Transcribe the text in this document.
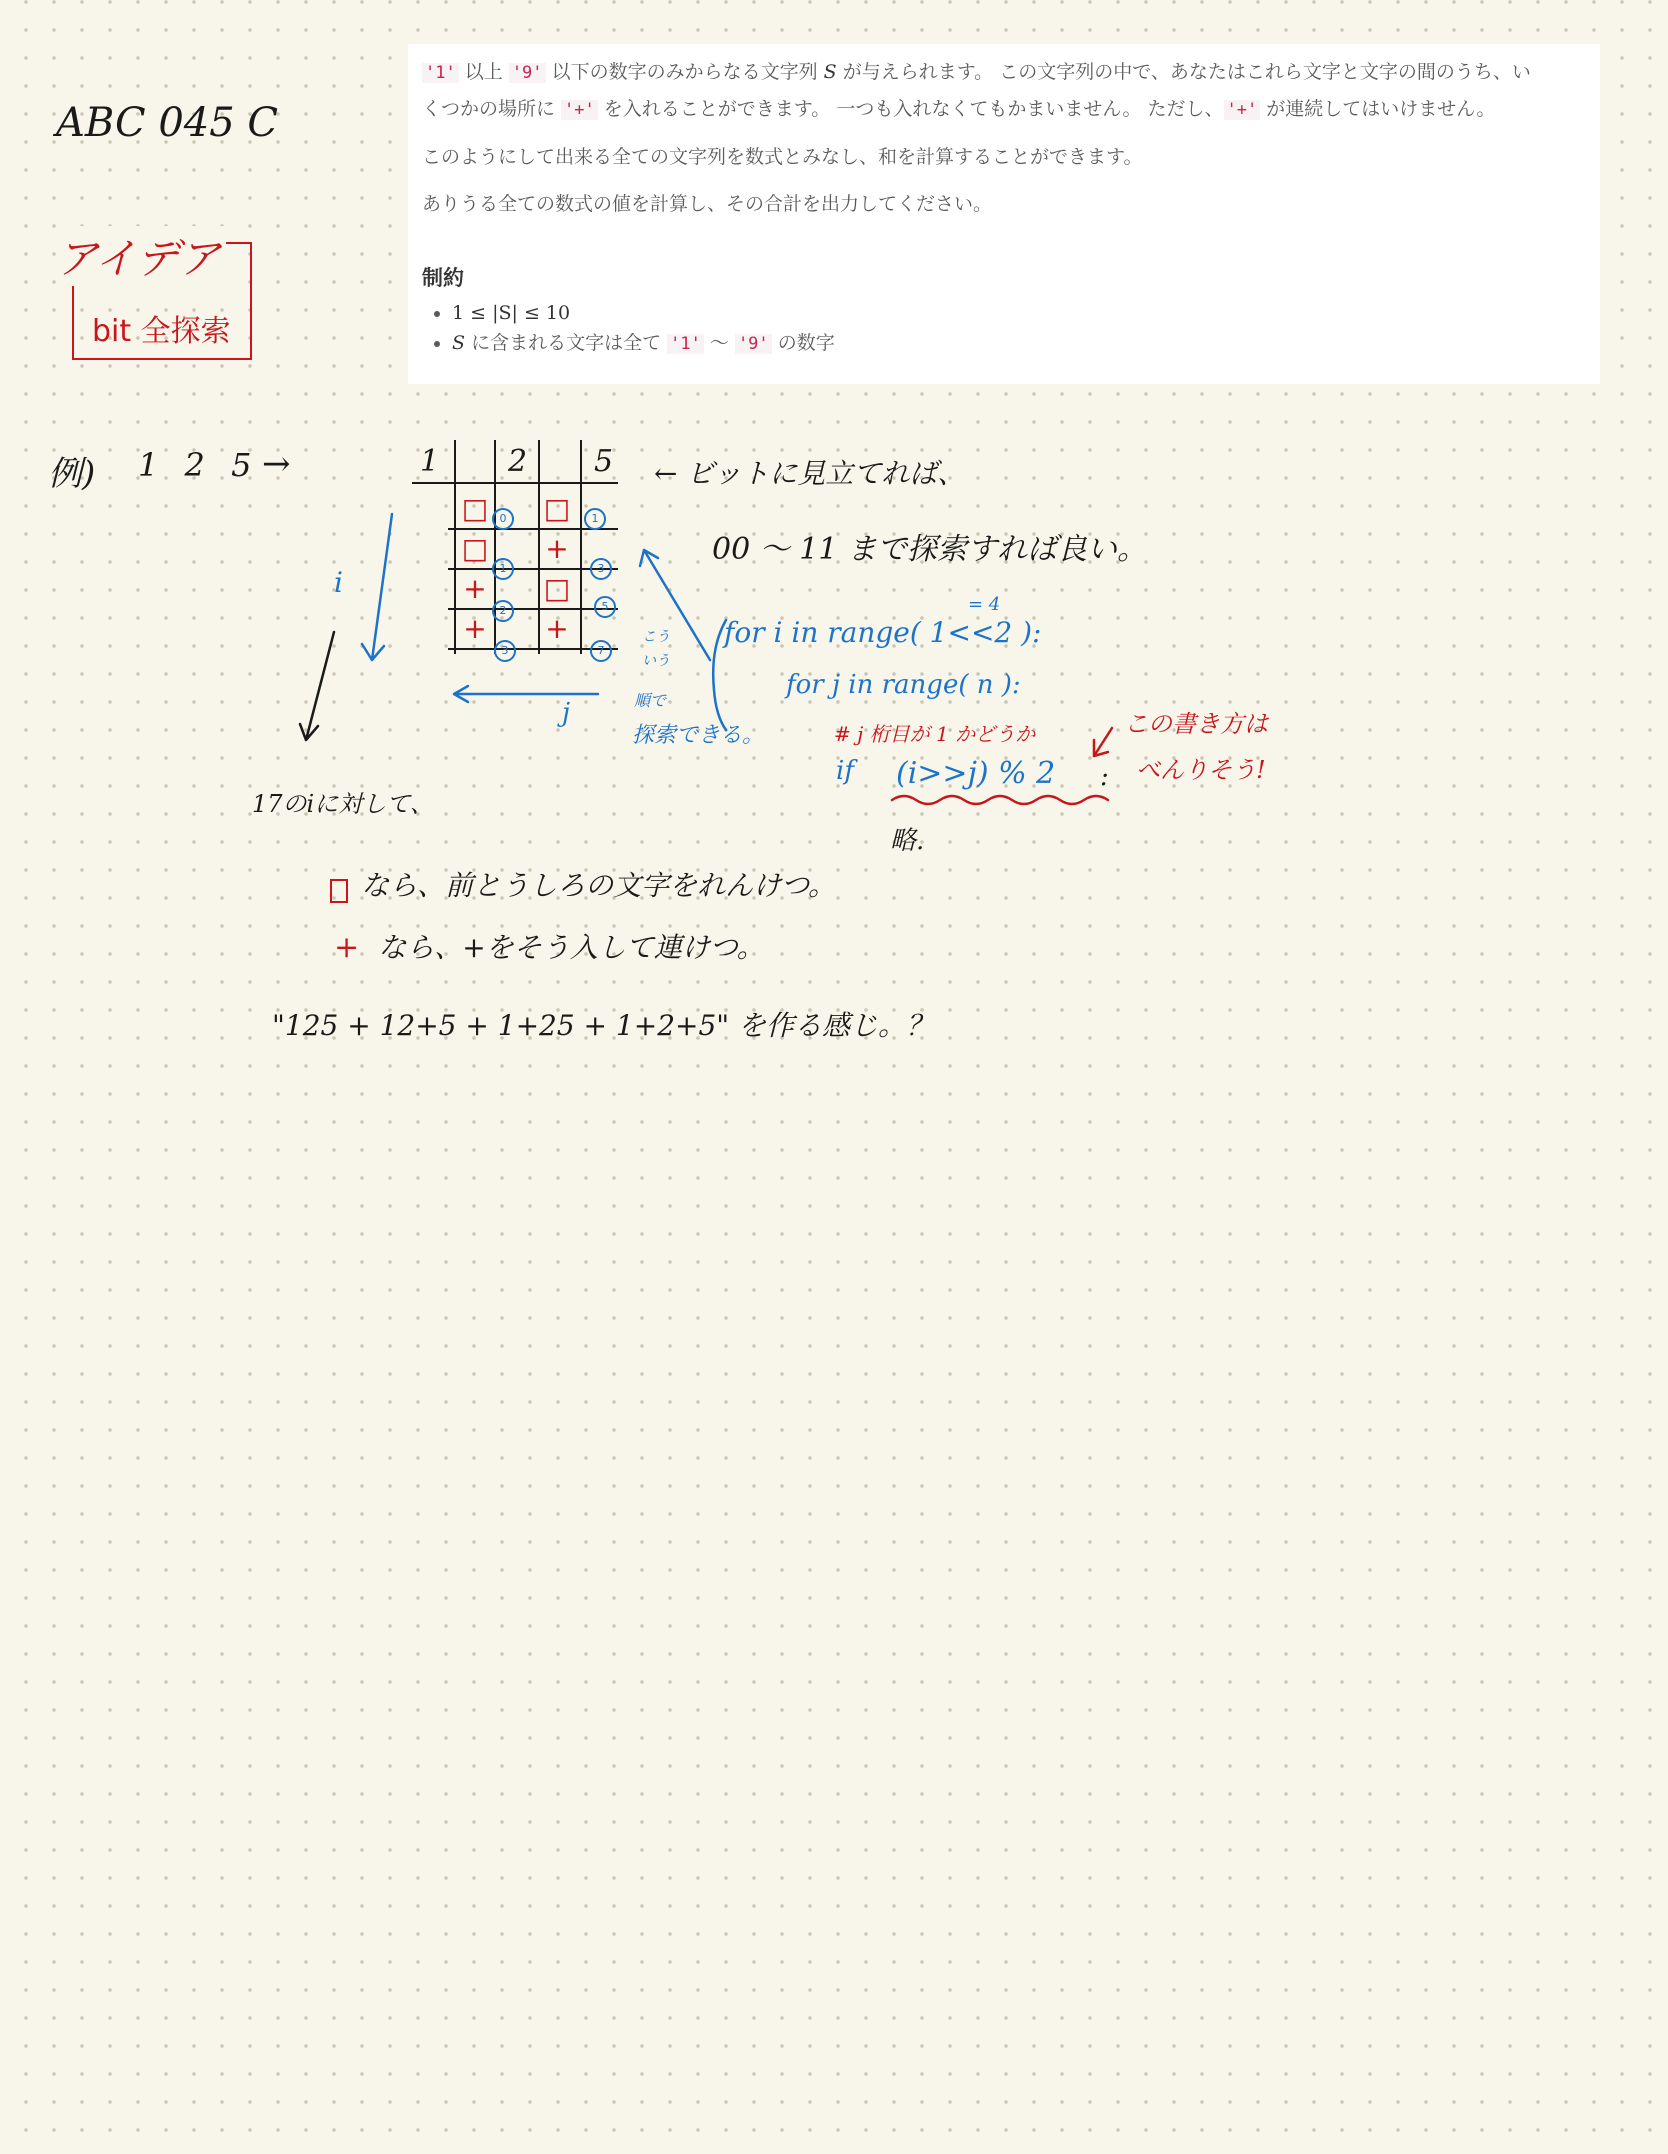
'1' 以上 '9' 以下の数字のみからなる文字列 S が与えられます。 この文字列の中で、あなたはこれら文字と文字の間のうち、い
くつかの場所に '+' を入れることができます。 一つも入れなくてもかまいません。 ただし、 '+' が連続してはいけません。

このようにして出来る全ての文字列を数式とみなし、和を計算することができます。

ありうる全ての数式の値を計算し、その合計を出力してください。

制約
• 1 ≤ |S| ≤ 10
• S に含まれる文字は全て '1' ～ '9' の数字

ABC 045 C

アイデア

bit 全探索

例) 1 2 5 →	1 2 5

□ □
□ +
+ □
+ +
0
1
2
3
1
3
5
7

i

j

← ビットに見立てれば、

00 〜 11 まで探索すれば良い。

こう

いう

順で

探索できる。

= 4

for i in range( 1<<2 ):

for j in range( n ):

# j 桁目が 1 かどうか

if (i>>j) % 2 :

略.

この書き方は

べんりそう!

17のiに対して、

なら、前とうしろの文字をれんけつ。
+ なら、+をそう入して連けつ。

"125 + 12+5 + 1+25 + 1+2+5" を作る感じ。？
